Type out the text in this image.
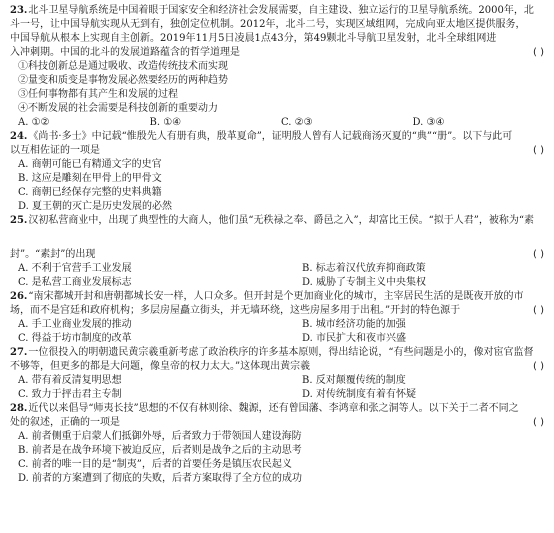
23.北斗卫星导航系统是中国着眼于国家安全和经济社会发展需要，自主建设、独立运行的卫星导航系统。2000年，北
斗一号，让中国导航实现从无到有，独创定位机制。2012年，北斗二号，实现区域组网，完成向亚太地区提供服务，
中国导航从根本上实现自主创新。2019年11月5日凌晨1点43分，第49颗北斗导航卫星发射，北斗全球组网进
入冲刺期。中国的北斗的发展道路蕴含的哲学道理是	( )
①科技创新总是通过吸收、改造传统技术而实现
②量变和质变是事物发展必然要经历的两种趋势
③任何事物都有其产生和发展的过程
④不断发展的社会需要是科技创新的重要动力
A. ①②	B. ①④	C. ②③	D. ③④
24.《尚书·多士》中记载“惟殷先人有册有典，殷革夏命”，证明殷人曾有人记载商汤灭夏的“典”“册”。以下与此可
以互相佐证的一项是	( )
A. 商朝可能已有精通文字的史官
B. 这应是雕刻在甲骨上的甲骨文
C. 商朝已经保存完整的史料典籍
D. 夏王朝的灭亡是历史发展的必然
25.汉初私营商业中，出现了典型性的大商人，他们虽“无秩禄之奉、爵邑之入”，却富比王侯。“拟于人君”，被称为“素
封”。“素封”的出现	( )
A. 不利于官营手工业发展	B. 标志着汉代放弃抑商政策
C. 是私营工商业发展标志	D. 威胁了专制主义中央集权
26.“南宋都城开封和唐朝都城长安一样，人口众多。但开封是个更加商业化的城市，主宰居民生活的是既夜开放的市
场，而不是宫廷和政府机构；多层房屋矗立街头，并无墙环绕，这些房屋多用于出租。”开封的特色源于	( )
A. 手工业商业发展的推动	B. 城市经济功能的加强
C. 得益于坊市制度的改革	D. 市民扩大和夜市兴盛
27.一位很投入的明朝遗民黄宗羲重新考虑了政治秩序的许多基本原则，得出结论说，“有些问题是小的，像对宦官监督
不够等，但更多的都是大问题，像皇帝的权力太大。”这体现出黄宗羲	( )
A. 带有着反清复明思想	B. 反对颠覆传统的制度
C. 致力于抨击君主专制	D. 对传统制度有着有怀疑
28.近代以来倡导“师夷长技”思想的不仅有林则徐、魏源，还有曾国藩、李鸿章和张之洞等人。以下关于二者不同之
处的叙述，正确的一项是	( )
A. 前者侧重于启蒙人们抵御外辱，后者致力于带领国人建设海防
B. 前者是在战争环境下被迫反应，后者则是战争之后的主动思考
C. 前者的唯一目的是“制夷”，后者的首要任务是镇压农民起义
D. 前者的方案遭到了彻底的失败，后者方案取得了全方位的成功
